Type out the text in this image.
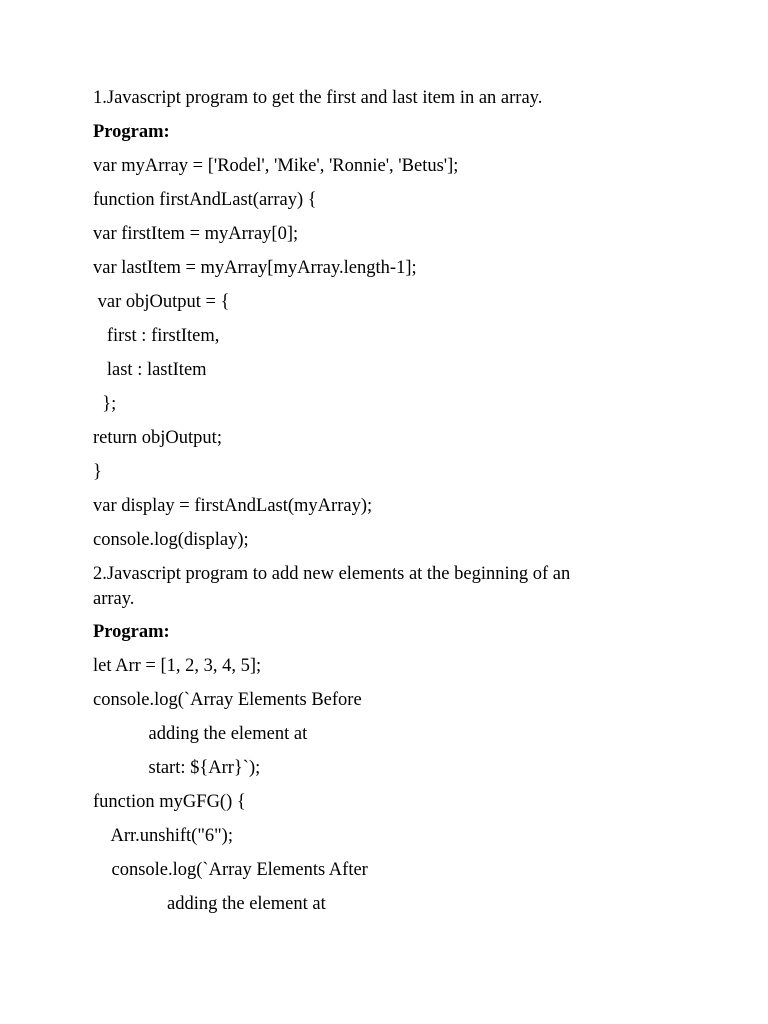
1.Javascript program to get the first and last item in an array.

Program:

var myArray = ['Rodel', 'Mike', 'Ronnie', 'Betus'];

function firstAndLast(array) {

var firstItem = myArray[0];

var lastItem = myArray[myArray.length-1];

var objOutput = {

first : firstItem,

last : lastItem

};

return objOutput;

}

var display = firstAndLast(myArray);

console.log(display);

2.Javascript program to add new elements at the beginning of an

array.

Program:

let Arr = [1, 2, 3, 4, 5];

console.log(`Array Elements Before

adding the element at

start: ${Arr}`);

function myGFG() {

Arr.unshift("6");

console.log(`Array Elements After

adding the element at
